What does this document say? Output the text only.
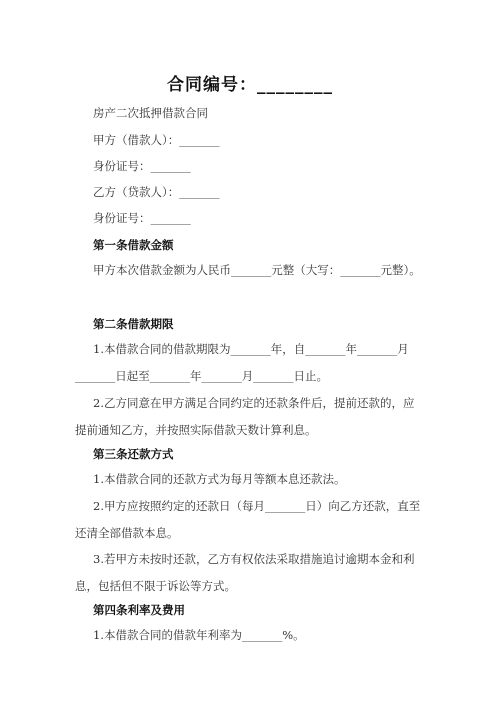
合同编号：________
房产二次抵押借款合同
甲方（借款人）：_______
身份证号：_______
乙方（贷款人）：_______
身份证号：_______
第一条借款金额
甲方本次借款金额为人民币_______元整（大写：_______元整）。
第二条借款期限
1.本借款合同的借款期限为_______年，自_______年_______月_______日起至_______年_______月_______日止。
2.乙方同意在甲方满足合同约定的还款条件后，提前还款的，应提前通知乙方，并按照实际借款天数计算利息。
第三条还款方式
1.本借款合同的还款方式为每月等额本息还款法。
2.甲方应按照约定的还款日（每月_______日）向乙方还款，直至还清全部借款本息。
3.若甲方未按时还款，乙方有权依法采取措施追讨逾期本金和利息，包括但不限于诉讼等方式。
第四条利率及费用
1.本借款合同的借款年利率为_______%。
